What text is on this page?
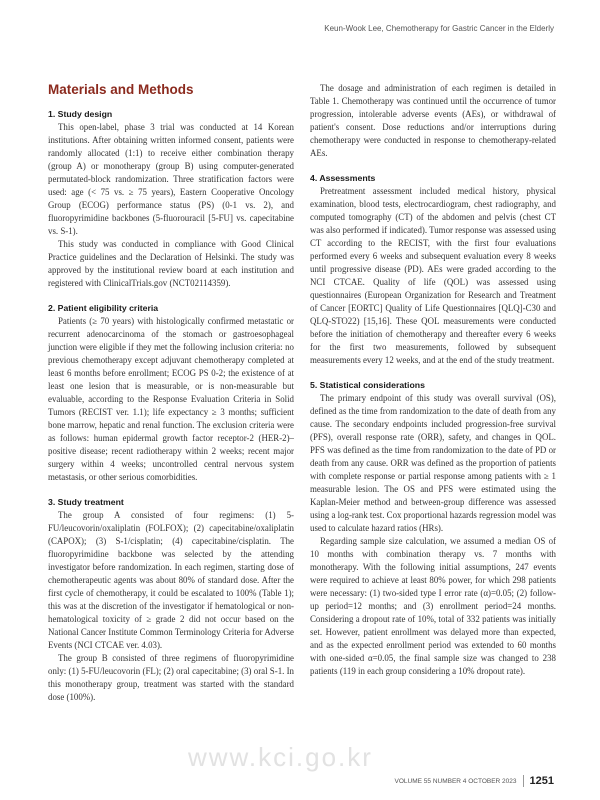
Keun-Wook Lee, Chemotherapy for Gastric Cancer in the Elderly
Materials and Methods
1. Study design

This open-label, phase 3 trial was conducted at 14 Korean institutions. After obtaining written informed consent, patients were randomly allocated (1:1) to receive either combination therapy (group A) or monotherapy (group B) using computer-generated permutated-block randomization. Three stratification factors were used: age (< 75 vs. ≥ 75 years), Eastern Cooperative Oncology Group (ECOG) performance status (PS) (0-1 vs. 2), and fluoropyrimidine backbones (5-fluorouracil [5-FU] vs. capecitabine vs. S-1).

This study was conducted in compliance with Good Clinical Practice guidelines and the Declaration of Helsinki. The study was approved by the institutional review board at each institution and registered with ClinicalTrials.gov (NCT02114359).

2. Patient eligibility criteria

Patients (≥ 70 years) with histologically confirmed metastatic or recurrent adenocarcinoma of the stomach or gastroesophageal junction were eligible if they met the following inclusion criteria: no previous chemotherapy except adjuvant chemotherapy completed at least 6 months before enrollment; ECOG PS 0-2; the existence of at least one lesion that is measurable, or is non-measurable but evaluable, according to the Response Evaluation Criteria in Solid Tumors (RECIST ver. 1.1); life expectancy ≥ 3 months; sufficient bone marrow, hepatic and renal function. The exclusion criteria were as follows: human epidermal growth factor receptor-2 (HER-2)–positive disease; recent radiotherapy within 2 weeks; recent major surgery within 4 weeks; uncontrolled central nervous system metastasis, or other serious comorbidities.

3. Study treatment

The group A consisted of four regimens: (1) 5-FU/leucovorin/oxaliplatin (FOLFOX); (2) capecitabine/oxaliplatin (CAPOX); (3) S-1/cisplatin; (4) capecitabine/cisplatin. The fluoropyrimidine backbone was selected by the attending investigator before randomization. In each regimen, starting dose of chemotherapeutic agents was about 80% of standard dose. After the first cycle of chemotherapy, it could be escalated to 100% (Table 1); this was at the discretion of the investigator if hematological or non-hematological toxicity of ≥ grade 2 did not occur based on the National Cancer Institute Common Terminology Criteria for Adverse Events (NCI CTCAE ver. 4.03).

The group B consisted of three regimens of fluoropyrimidine only: (1) 5-FU/leucovorin (FL); (2) oral capecitabine; (3) oral S-1. In this monotherapy group, treatment was started with the standard dose (100%).

The dosage and administration of each regimen is detailed in Table 1. Chemotherapy was continued until the occurrence of tumor progression, intolerable adverse events (AEs), or withdrawal of patient's consent. Dose reductions and/or interruptions during chemotherapy were conducted in response to chemotherapy-related AEs.

4. Assessments

Pretreatment assessment included medical history, physical examination, blood tests, electrocardiogram, chest radiography, and computed tomography (CT) of the abdomen and pelvis (chest CT was also performed if indicated). Tumor response was assessed using CT according to the RECIST, with the first four evaluations performed every 6 weeks and subsequent evaluation every 8 weeks until progressive disease (PD). AEs were graded according to the NCI CTCAE. Quality of life (QOL) was assessed using questionnaires (European Organization for Research and Treatment of Cancer [EORTC] Quality of Life Questionnaires [QLQ]-C30 and QLQ-STO22) [15,16]. These QOL measurements were conducted before the initiation of chemotherapy and thereafter every 6 weeks for the first two measurements, followed by subsequent measurements every 12 weeks, and at the end of the study treatment.

5. Statistical considerations

The primary endpoint of this study was overall survival (OS), defined as the time from randomization to the date of death from any cause. The secondary endpoints included progression-free survival (PFS), overall response rate (ORR), safety, and changes in QOL. PFS was defined as the time from randomization to the date of PD or death from any cause. ORR was defined as the proportion of patients with complete response or partial response among patients with ≥ 1 measurable lesion. The OS and PFS were estimated using the Kaplan-Meier method and between-group difference was assessed using a log-rank test. Cox proportional hazards regression model was used to calculate hazard ratios (HRs).

Regarding sample size calculation, we assumed a median OS of 10 months with combination therapy vs. 7 months with monotherapy. With the following initial assumptions, 247 events were required to achieve at least 80% power, for which 298 patients were necessary: (1) two-sided type I error rate (α)=0.05; (2) follow-up period=12 months; and (3) enrollment period=24 months. Considering a dropout rate of 10%, total of 332 patients was initially set. However, patient enrollment was delayed more than expected, and as the expected enrollment period was extended to 60 months with one-sided α=0.05, the final sample size was changed to 238 patients (119 in each group considering a 10% dropout rate).

www.kci.go.kr
VOLUME 55 NUMBER 4 OCTOBER 2023 1251
